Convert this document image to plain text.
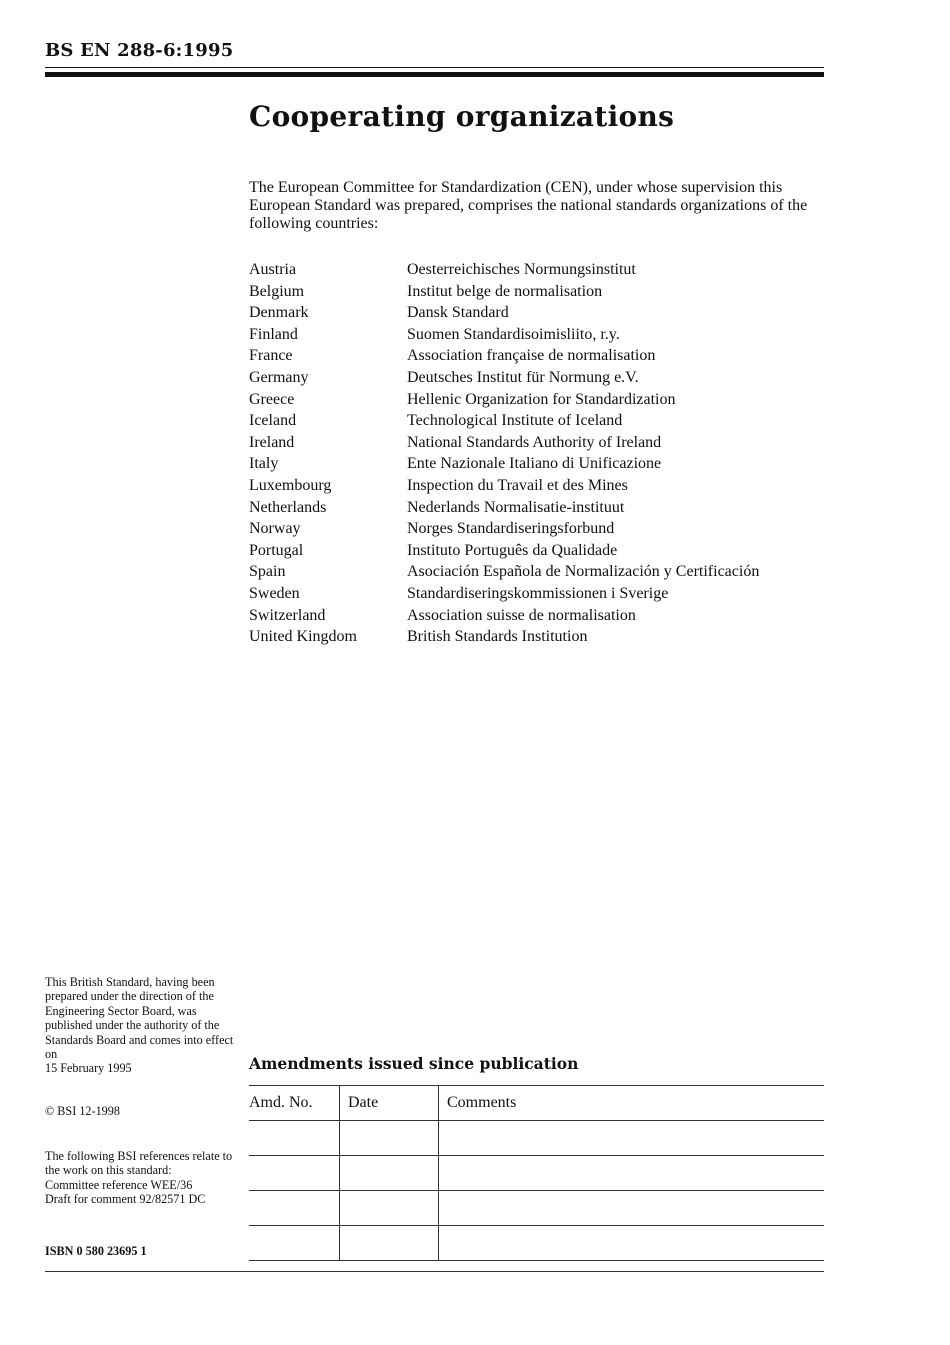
BS EN 288-6:1995
Cooperating organizations
The European Committee for Standardization (CEN), under whose supervision this European Standard was prepared, comprises the national standards organizations of the following countries:
Austria	Oesterreichisches Normungsinstitut
Belgium	Institut belge de normalisation
Denmark	Dansk Standard
Finland	Suomen Standardisoimisliito, r.y.
France	Association française de normalisation
Germany	Deutsches Institut für Normung e.V.
Greece	Hellenic Organization for Standardization
Iceland	Technological Institute of Iceland
Ireland	National Standards Authority of Ireland
Italy	Ente Nazionale Italiano di Unificazione
Luxembourg	Inspection du Travail et des Mines
Netherlands	Nederlands Normalisatie-instituut
Norway	Norges Standardiseringsforbund
Portugal	Instituto Português da Qualidade
Spain	Asociación Española de Normalización y Certificación
Sweden	Standardiseringskommissionen i Sverige
Switzerland	Association suisse de normalisation
United Kingdom	British Standards Institution
This British Standard, having been prepared under the direction of the Engineering Sector Board, was published under the authority of the Standards Board and comes into effect on
15 February 1995
© BSI 12-1998
The following BSI references relate to the work on this standard:
Committee reference WEE/36
Draft for comment 92/82571 DC
ISBN 0 580 23695 1
Amendments issued since publication
Amd. No.	Date	Comments
